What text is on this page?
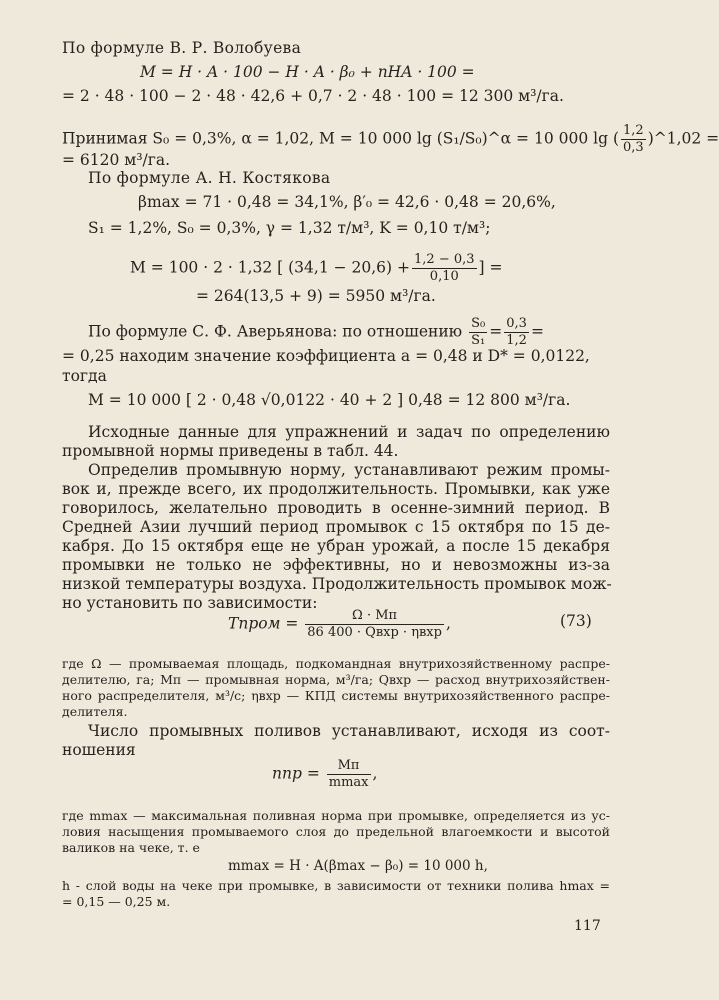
По формуле В. Р. Волобуева
M = H · A · 100 − H · A · β₀ + nHA · 100 =
= 2 · 48 · 100 − 2 · 48 · 42,6 + 0,7 · 2 · 48 · 100 = 12 300 м³/га.
Принимая S₀ = 0,3%, α = 1,02, M = 10 000 lg (S₁/S₀)^α = 10 000 lg ( $\frac{1,2}{0,3}$ )^1,02 =
= 6120 м³/га.
По формуле А. Н. Костякова
βmax = 71 · 0,48 = 34,1%, β′₀ = 42,6 · 0,48 = 20,6%,
S₁ = 1,2%, S₀ = 0,3%, γ = 1,32 т/м³, K = 0,10 т/м³;
M = 100 · 2 · 1,32 [ $(34,1 - 20,6) + \frac{1,2 - 0,3}{0,10}$ ] =
= 264(13,5 + 9) = 5950 м³/га.
По формуле С. Ф. Аверьянова: по отношению $\frac{\text{S₀}}{\text{S₁}} = \frac{0,3}{1,2}$ =
= 0,25 находим значение коэффициента a = 0,48 и D* = 0,0122,
тогда
M = 10 000 [ 2 · 0,48 √0,0122 · 40 + 2 ] 0,48 = 12 800 м³/га.
Исходные данные для упражнений и задач по определению
промывной нормы приведены в табл. 44.
Определив промывную норму, устанавливают режим промы-
вок и, прежде всего, их продолжительность. Промывки, как уже
говорилось, желательно проводить в осенне-зимний период. В
Средней Азии лучший период промывок с 15 октября по 15 де-
кабря. До 15 октября еще не убран урожай, а после 15 декабря
промывки не только не эффективны, но и невозможны из-за
низкой температуры воздуха. Продолжительность промывок мож-
но установить по зависимости:
Tпром = $\frac{\Omega \cdot Mп}{\text{86 400 · Qвхр · ηвхр}}$ ,	(73)
где Ω — промываемая площадь, подкомандная внутрихозяйственному распре-
делителю, га; Mп — промывная норма, м³/га; Qвхр — расход внутрихозяйствен-
ного распределителя, м³/с; ηвхр — КПД системы внутрихозяйственного распре-
делителя.
Число промывных поливов устанавливают, исходя из соот-
ношения
nпр = $\frac{Mп}{mmax}$ ,
где mmax — максимальная поливная норма при промывке, определяется из ус-
ловия насыщения промываемого слоя до предельной влагоемкости и высотой
валиков на чеке, т. е
mmax = H · A(βmax − β₀) = 10 000 h,
h - слой воды на чеке при промывке, в зависимости от техники полива hmax =
= 0,15 — 0,25 м.
117
